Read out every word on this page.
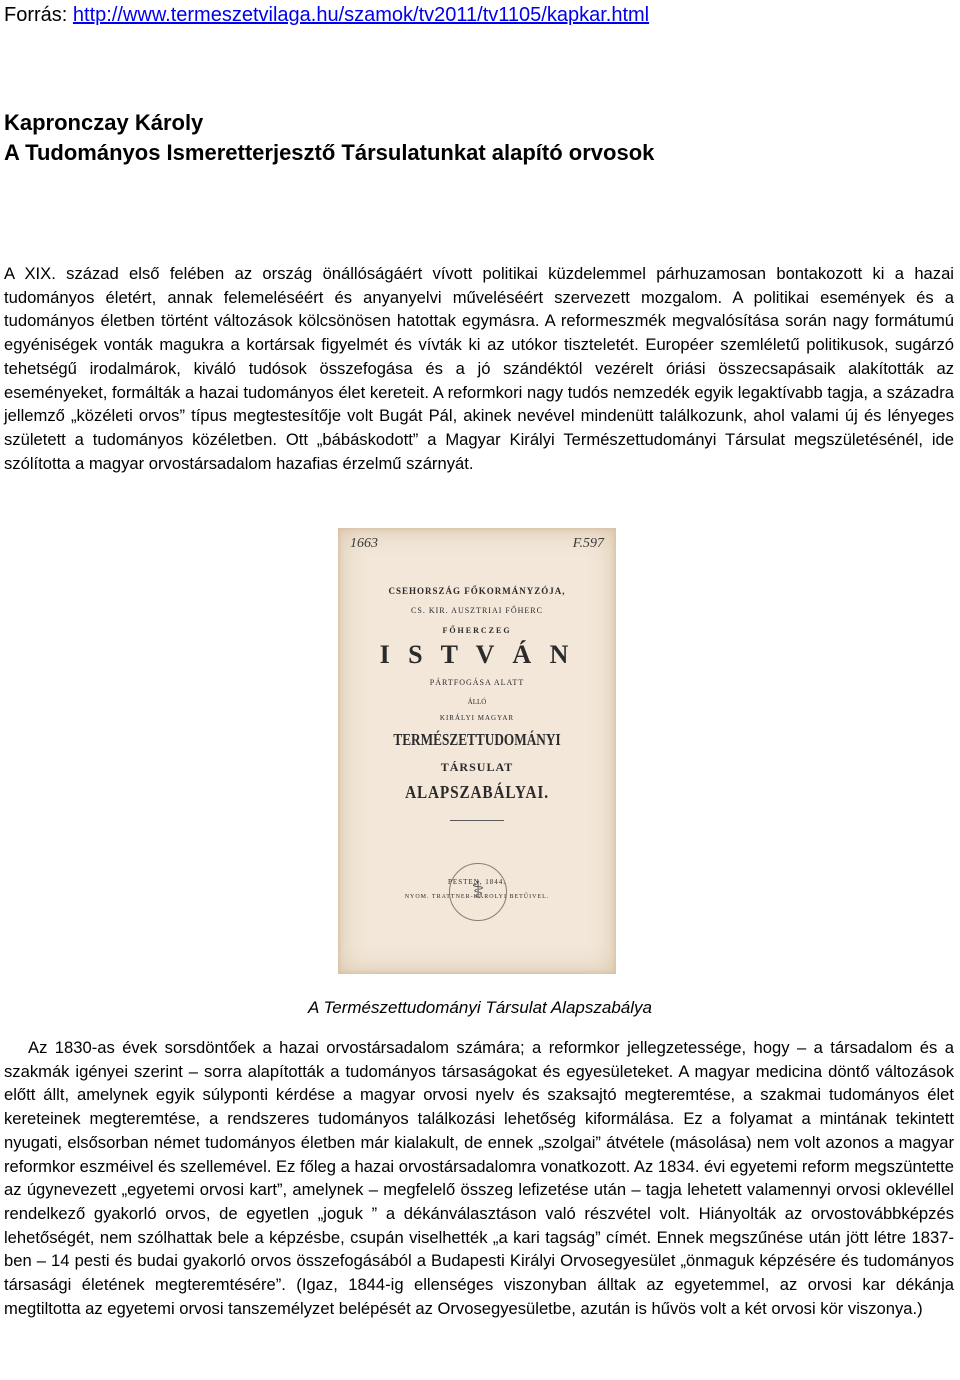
Forrás: http://www.termeszetvilaga.hu/szamok/tv2011/tv1105/kapkar.html
Kapronczay Károly
A Tudományos Ismeretterjesztő Társulatunkat alapító orvosok

A XIX. század első felében az ország önállóságáért vívott politikai küzdelemmel párhuzamosan bontakozott ki a hazai tudományos életért, annak felemeléséért és anyanyelvi műveléséért szervezett mozgalom. A politikai események és a tudományos életben történt változások kölcsönösen hatottak egymásra. A reformeszmék megvalósítása során nagy formátumú egyéniségek vonták magukra a kortársak figyelmét és vívták ki az utókor tiszteletét. Européer szemléletű politikusok, sugárzó tehetségű irodalmárok, kiváló tudósok összefogása és a jó szándéktól vezérelt óriási összecsapásaik alakították az eseményeket, formálták a hazai tudományos élet kereteit. A reformkori nagy tudós nemzedék egyik legaktívabb tagja, a századra jellemző „közéleti orvos” típus megtestesítője volt Bugát Pál, akinek nevével mindenütt találkozunk, ahol valami új és lényeges született a tudományos közéletben. Ott „bábáskodott” a Magyar Királyi Természettudományi Társulat megszületésénél, ide szólította a magyar orvostársadalom hazafias érzelmű szárnyát.

1663	F.597
CSEHORSZÁG FŐKORMÁNYZÓJA,
CS. KIR. AUSZTRIAI FŐHERC
FŐHERCZEG
I S T V Á N
PÁRTFOGÁSA ALATT
ÁLLÓ
KIRÁLYI MAGYAR
TERMÉSZETTUDOMÁNYI
TÁRSULAT
ALAPSZABÁLYAI.
⚕
PESTEN, 1844.
NYOM. TRATTNER-KÁROLYI BETŰIVEL.
A Természettudományi Társulat Alapszabálya

Az 1830-as évek sorsdöntőek a hazai orvostársadalom számára; a reformkor jellegzetessége, hogy – a társadalom és a szakmák igényei szerint – sorra alapították a tudományos társaságokat és egyesületeket. A magyar medicina döntő változások előtt állt, amelynek egyik súlyponti kérdése a magyar orvosi nyelv és szaksajtó megteremtése, a szakmai tudományos élet kereteinek megteremtése, a rendszeres tudományos találkozási lehetőség kiformálása. Ez a folyamat a mintának tekintett nyugati, elsősorban német tudományos életben már kialakult, de ennek „szolgai” átvétele (másolása) nem volt azonos a magyar reformkor eszméivel és szellemével. Ez főleg a hazai orvostársadalomra vonatkozott. Az 1834. évi egyetemi reform megszüntette az úgynevezett „egyetemi orvosi kart”, amelynek – megfelelő összeg lefizetése után – tagja lehetett valamennyi orvosi oklevéllel rendelkező gyakorló orvos, de egyetlen „joguk ” a dékánválasztáson való részvétel volt. Hiányolták az orvostovábbképzés lehetőségét, nem szólhattak bele a képzésbe, csupán viselhették „a kari tagság” címét. Ennek megszűnése után jött létre 1837-ben – 14 pesti és budai gyakorló orvos összefogásából a Budapesti Királyi Orvosegyesület „önmaguk képzésére és tudományos társasági életének megteremtésére”. (Igaz, 1844-ig ellenséges viszonyban álltak az egyetemmel, az orvosi kar dékánja megtiltotta az egyetemi orvosi tanszemélyzet belépését az Orvosegyesületbe, azután is hűvös volt a két orvosi kör viszonya.)
